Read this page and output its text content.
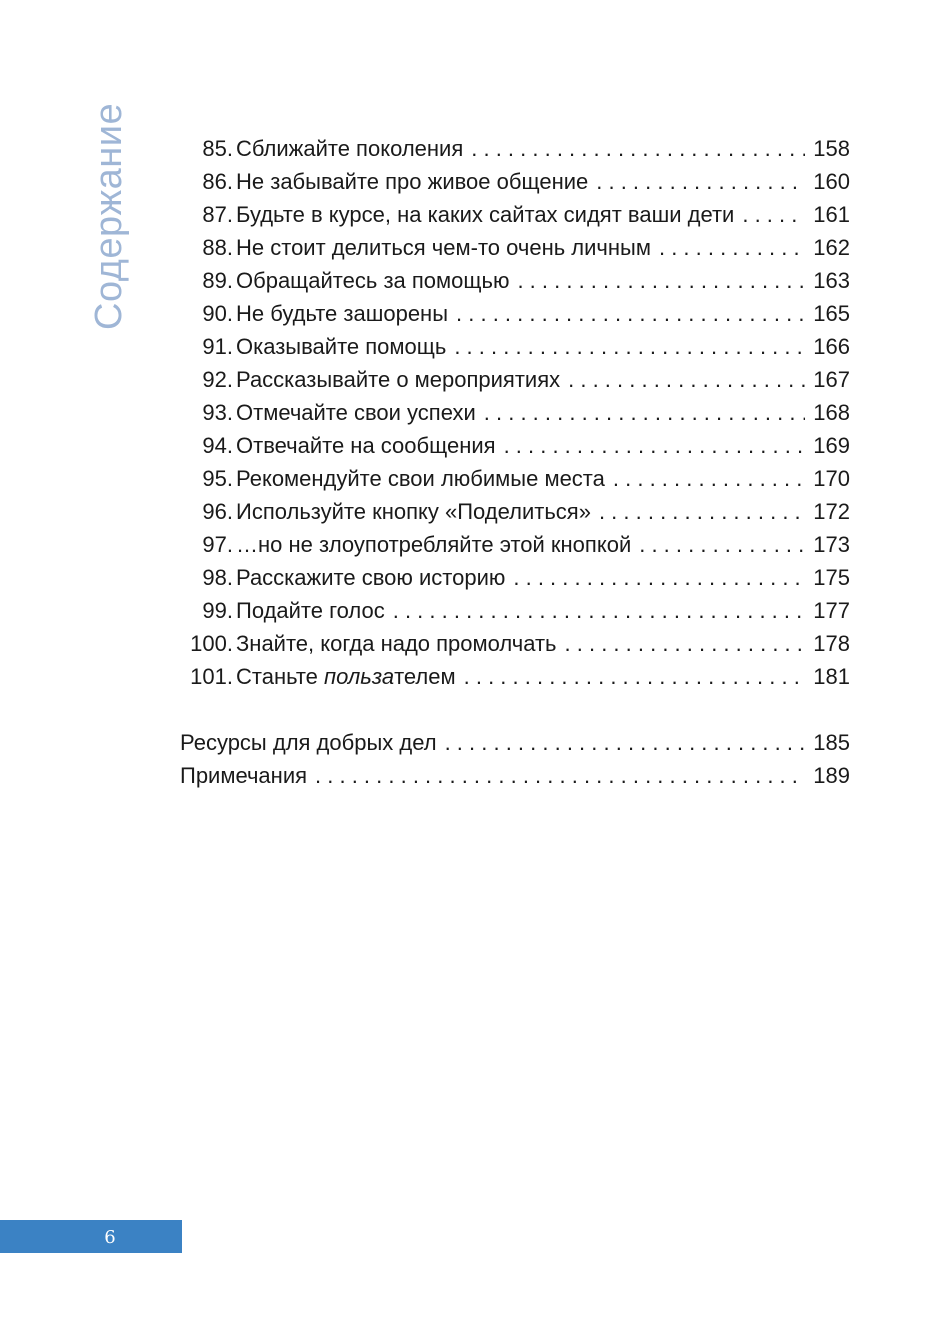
Содержание	85. Сближайте поколения . . .	158
86. Не забывайте про живое общение . . .	160
87. Будьте в курсе, на каких сайтах сидят ваши дети . . .	161
88. Не стоит делиться чем-то очень личным . . .	162
89. Обращайтесь за помощью . . .	163
90. Не будьте зашорены . . .	165
91. Оказывайте помощь . . .	166
92. Рассказывайте о мероприятиях . . .	167
93. Отмечайте свои успехи . . .	168
94. Отвечайте на сообщения . . .	169
95. Рекомендуйте свои любимые места . . .	170
96. Используйте кнопку «Поделиться» . . .	172
97. …но не злоупотребляйте этой кнопкой . . .	173
98. Расскажите свою историю . . .	175
99. Подайте голос . . .	177
100. Знайте, когда надо промолчать . . .	178
101. Станьте пользателем . . .	181
Ресурсы для добрых дел . . .	185
Примечания . . .	189
6
